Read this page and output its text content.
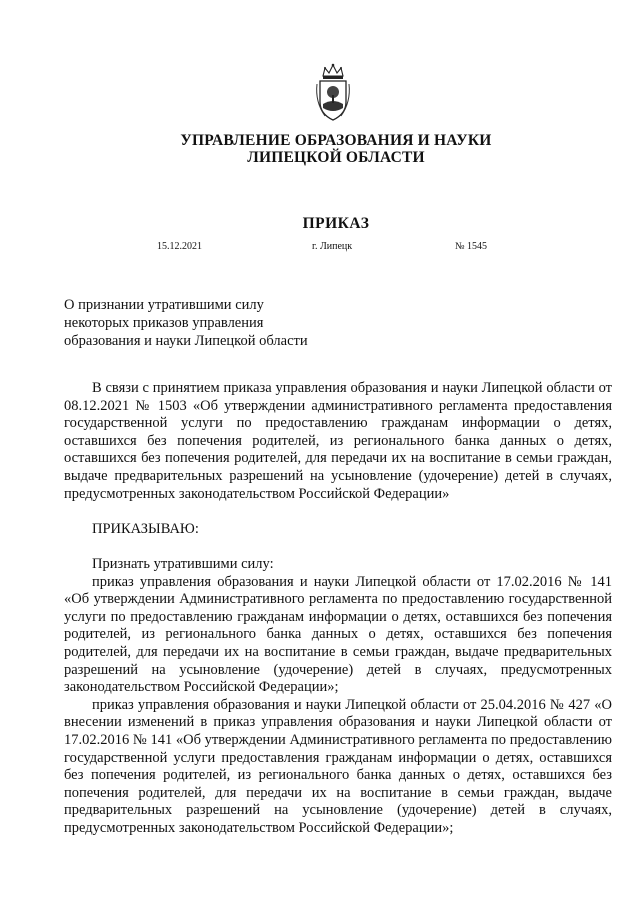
УПРАВЛЕНИЕ ОБРАЗОВАНИЯ И НАУКИ
ЛИПЕЦКОЙ ОБЛАСТИ
ПРИКАЗ
15.12.2021	г. Липецк	№ 1545
О признании утратившими силу
некоторых приказов управления
образования и науки Липецкой области

В связи с принятием приказа управления образования и науки Липецкой области от 08.12.2021 № 1503 «Об утверждении административного регламента предоставления государственной услуги по предоставлению гражданам информации о детях, оставшихся без попечения родителей, из регионального банка данных о детях, оставшихся без попечения родителей, для передачи их на воспитание в семьи граждан, выдаче предварительных разрешений на усыновление (удочерение) детей в случаях, предусмотренных законодательством Российской Федерации»

ПРИКАЗЫВАЮ:

Признать утратившими силу:

приказ управления образования и науки Липецкой области от 17.02.2016 № 141 «Об утверждении Административного регламента по предоставлению государственной услуги по предоставлению гражданам информации о детях, оставшихся без попечения родителей, из регионального банка данных о детях, оставшихся без попечения родителей, для передачи их на воспитание в семьи граждан, выдаче предварительных разрешений на усыновление (удочерение) детей в случаях, предусмотренных законодательством Российской Федерации»;

приказ управления образования и науки Липецкой области от 25.04.2016 № 427 «О внесении изменений в приказ управления образования и науки Липецкой области от 17.02.2016 № 141 «Об утверждении Административного регламента по предоставлению государственной услуги предоставления гражданам информации о детях, оставшихся без попечения родителей, из регионального банка данных о детях, оставшихся без попечения родителей, для передачи их на воспитание в семьи граждан, выдаче предварительных разрешений на усыновление (удочерение) детей в случаях, предусмотренных законодательством Российской Федерации»;
